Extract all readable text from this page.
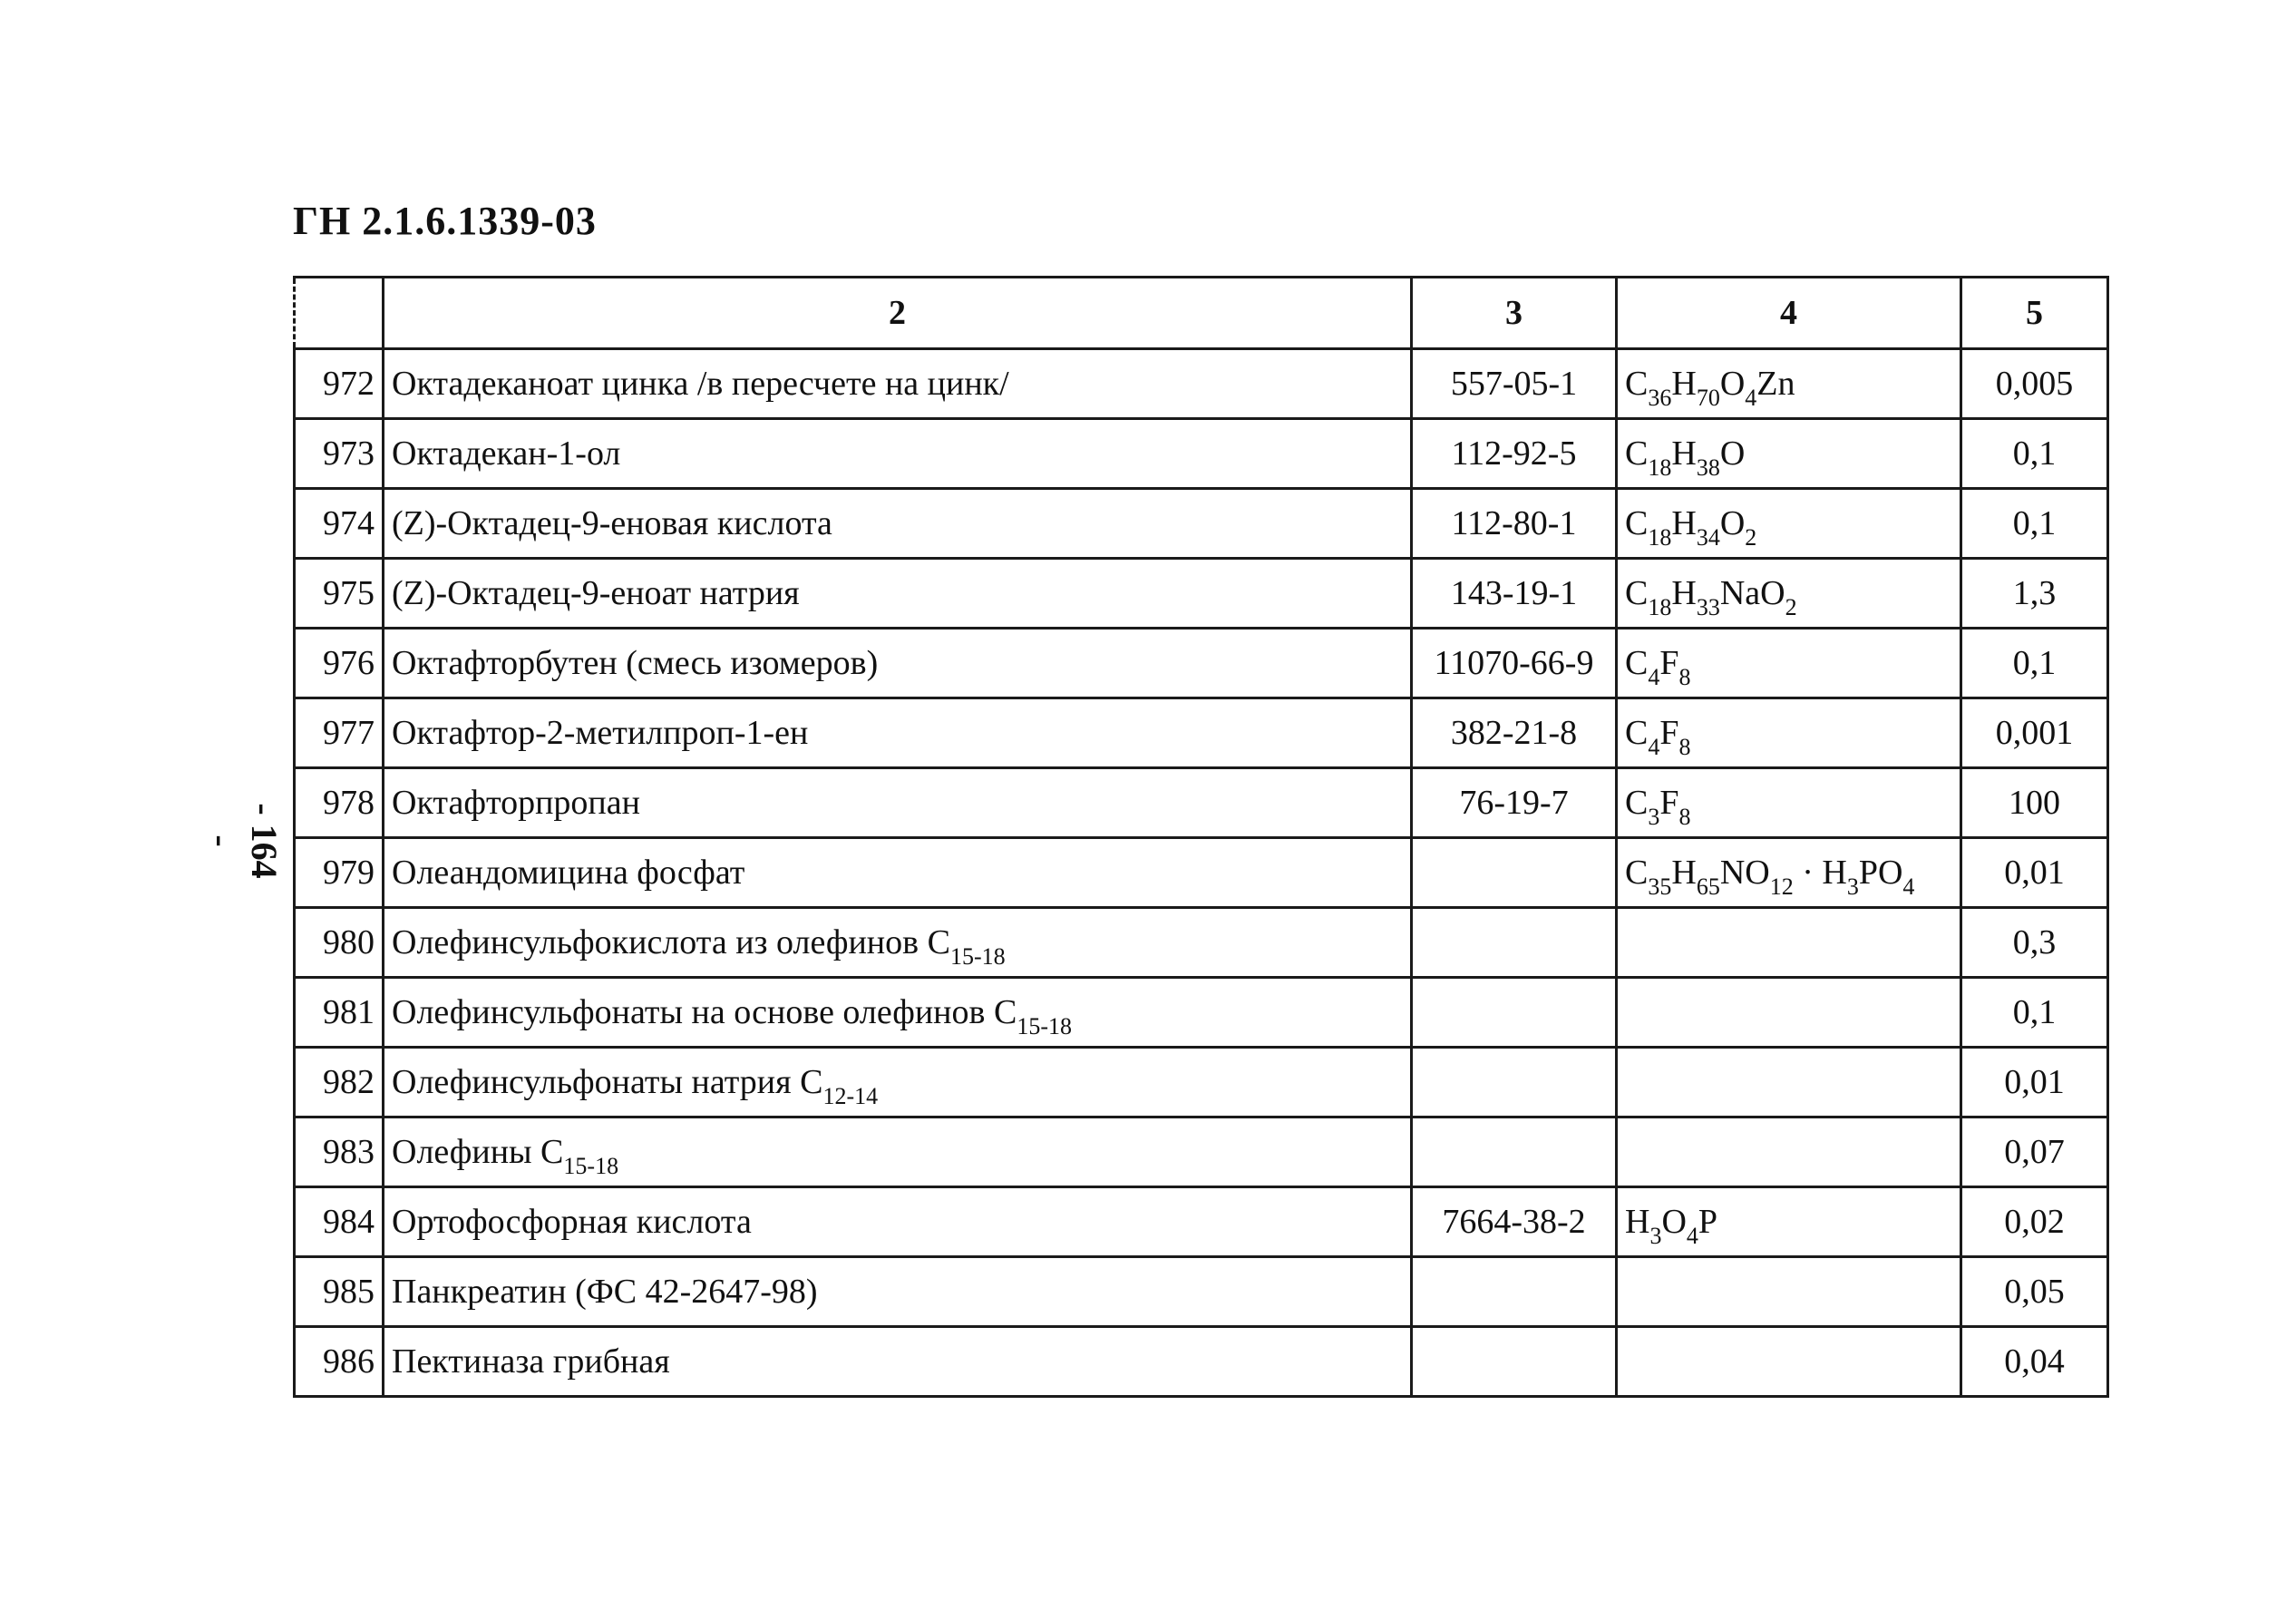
ГН 2.1.6.1339-03
- 164 -
	2	3	4	5
972	Октадеканоат цинка /в пересчете на цинк/	557-05-1	$C_{36}H_{70}O_4Zn$	0,005
973	Октадекан-1-ол	112-92-5	$C_{18}H_{38}O$	0,1
974	(Z)-Октадец-9-еновая кислота	112-80-1	$C_{18}H_{34}O_2$	0,1
975	(Z)-Октадец-9-еноат натрия	143-19-1	$C_{18}H_{33}NaO_2$	1,3
976	Октафторбутен (смесь изомеров)	11070-66-9	$C_4F_8$	0,1
977	Октафтор-2-метилпроп-1-ен	382-21-8	$C_4F_8$	0,001
978	Октафторпропан	76-19-7	$C_3F_8$	100
979	Олеандомицина фосфат		$C_{35}H_{65}NO_{12} \cdot H_3PO_4$	0,01
980	Олефинсульфокислота из олефинов $C_{15-18}$			0,3
981	Олефинсульфонаты на основе олефинов $C_{15-18}$			0,1
982	Олефинсульфонаты натрия $C_{12-14}$			0,01
983	Олефины $C_{15-18}$			0,07
984	Ортофосфорная кислота	7664-38-2	$H_3O_4P$	0,02
985	Панкреатин (ФС 42-2647-98)			0,05
986	Пектиназа грибная			0,04
